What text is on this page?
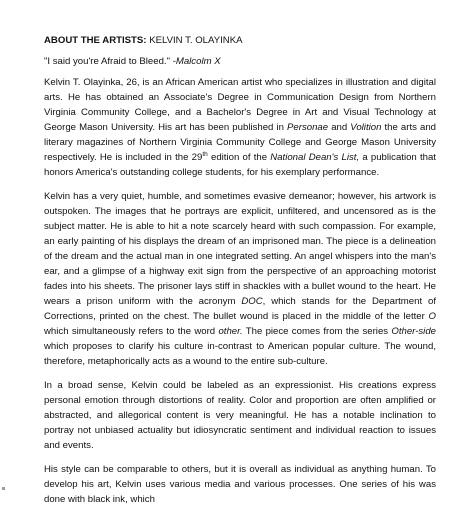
ABOUT THE ARTISTS: KELVIN T. OLAYINKA

"I said you're Afraid to Bleed." -Malcolm X

Kelvin T. Olayinka, 26, is an African American artist who specializes in illustration and digital arts. He has obtained an Associate's Degree in Communication Design from Northern Virginia Community College, and a Bachelor's Degree in Art and Visual Technology at George Mason University. His art has been published in Personae and Volition the arts and literary magazines of Northern Virginia Community College and George Mason University respectively. He is included in the 29th edition of the National Dean's List, a publication that honors America's outstanding college students, for his exemplary performance.

Kelvin has a very quiet, humble, and sometimes evasive demeanor; however, his artwork is outspoken. The images that he portrays are explicit, unfiltered, and uncensored as is the subject matter. He is able to hit a note scarcely heard with such compassion. For example, an early painting of his displays the dream of an imprisoned man. The piece is a delineation of the dream and the actual man in one integrated setting. An angel whispers into the man's ear, and a glimpse of a highway exit sign from the perspective of an approaching motorist fades into his sheets. The prisoner lays stiff in shackles with a bullet wound to the heart. He wears a prison uniform with the acronym DOC, which stands for the Department of Corrections, printed on the chest. The bullet wound is placed in the middle of the letter O which simultaneously refers to the word other. The piece comes from the series Other-side which proposes to clarify his culture in-contrast to American popular culture. The wound, therefore, metaphorically acts as a wound to the entire sub-culture.

In a broad sense, Kelvin could be labeled as an expressionist. His creations express personal emotion through distortions of reality. Color and proportion are often amplified or abstracted, and allegorical content is very meaningful. He has a notable inclination to portray not unbiased actuality but idiosyncratic sentiment and individual reaction to issues and events.

His style can be comparable to others, but it is overall as individual as anything human. To develop his art, Kelvin uses various media and various processes. One series of his was done with black ink, which
